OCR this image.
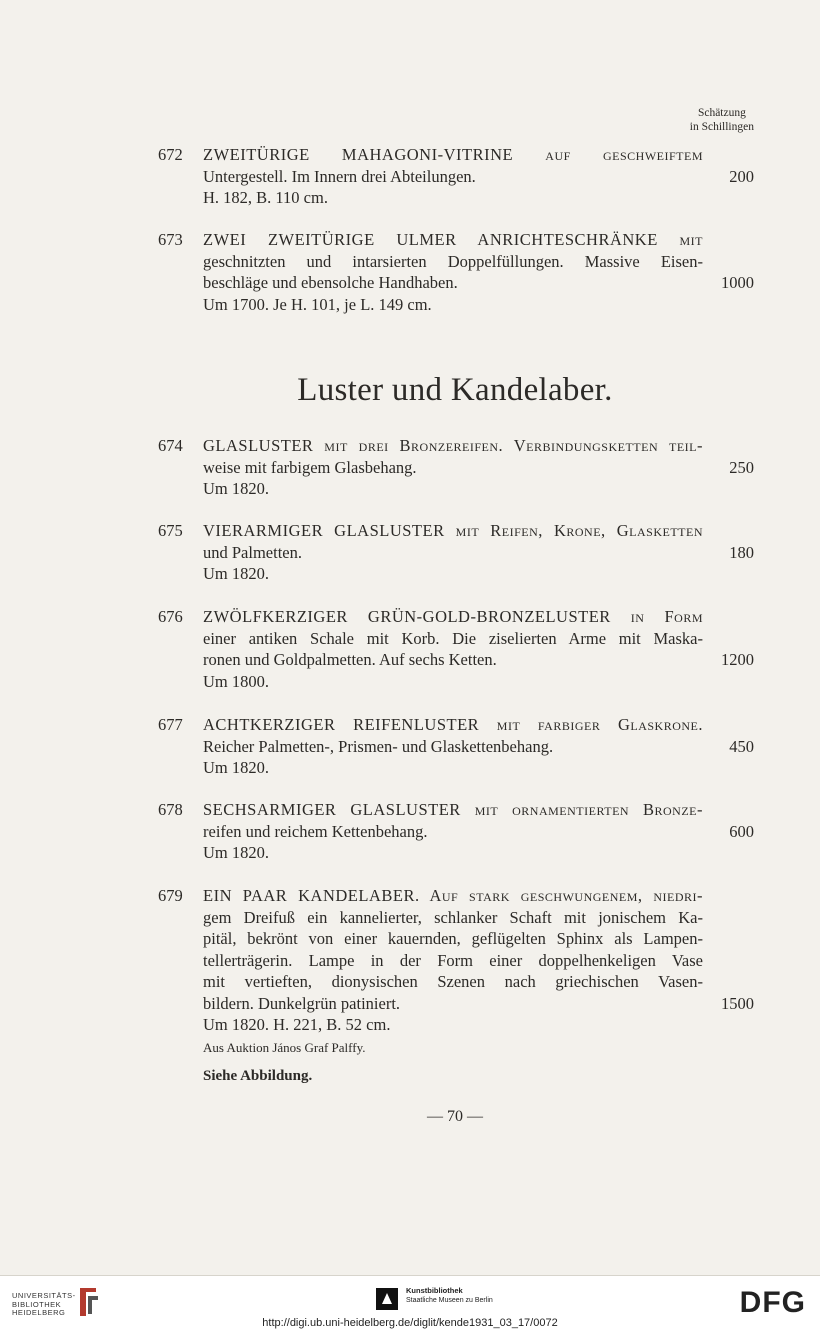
Schätzung
in Schillingen
672	ZWEITÜRIGE MAHAGONI-VITRINE auf geschweiftem
Untergestell. Im Innern drei Abteilungen.
H. 182, B. 110 cm.
200
673	ZWEI ZWEITÜRIGE ULMER ANRICHTESCHRÄNKE mit
geschnitzten und intarsierten Doppelfüllungen. Massive Eisen-
beschläge und ebensolche Handhaben.
Um 1700. Je H. 101, je L. 149 cm.
1000
Luster und Kandelaber.
674	GLASLUSTER mit drei Bronzereifen. Verbindungsketten teil-
weise mit farbigem Glasbehang.
Um 1820.
250
675	VIERARMIGER GLASLUSTER mit Reifen, Krone, Glasketten
und Palmetten.
Um 1820.
180
676	ZWÖLFKERZIGER GRÜN-GOLD-BRONZELUSTER in Form
einer antiken Schale mit Korb. Die ziselierten Arme mit Maska-
ronen und Goldpalmetten. Auf sechs Ketten.
Um 1800.
1200
677	ACHTKERZIGER REIFENLUSTER mit farbiger Glaskrone.
Reicher Palmetten-, Prismen- und Glaskettenbehang.
Um 1820.
450
678	SECHSARMIGER GLASLUSTER mit ornamentierten Bronze-
reifen und reichem Kettenbehang.
Um 1820.
600
679	EIN PAAR KANDELABER. Auf stark geschwungenem, niedri-
gem Dreifuß ein kannelierter, schlanker Schaft mit jonischem Ka-
pitäl, bekrönt von einer kauernden, geflügelten Sphinx als Lampen-
tellerträgerin. Lampe in der Form einer doppelhenkeligen Vase
mit vertieften, dionysischen Szenen nach griechischen Vasen-
bildern. Dunkelgrün patiniert.
Um 1820. H. 221, B. 52 cm.
Aus Auktion János Graf Palffy.
Siehe Abbildung.
1500
— 70 —
UNIVERSITÄTS-
BIBLIOTHEK
HEIDELBERG
Kunstbibliothek
Staatliche Museen zu Berlin	DFG
http://digi.ub.uni-heidelberg.de/diglit/kende1931_03_17/0072
